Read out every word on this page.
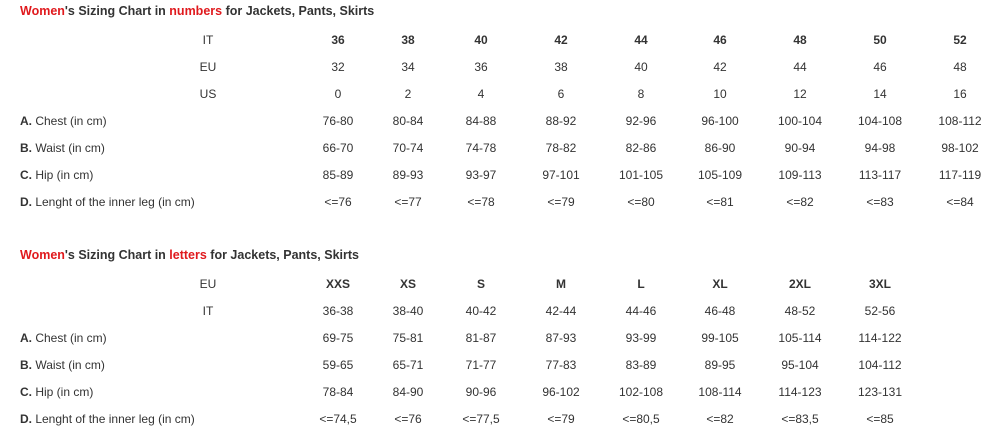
Women's Sizing Chart in numbers for Jackets, Pants, Skirts
IT	36	38	40	42	44	46	48	50	52
EU	32	34	36	38	40	42	44	46	48
US	0	2	4	6	8	10	12	14	16
A. Chest (in cm)	76-80	80-84	84-88	88-92	92-96	96-100	100-104	104-108	108-112
B. Waist (in cm)	66-70	70-74	74-78	78-82	82-86	86-90	90-94	94-98	98-102
C. Hip (in cm)	85-89	89-93	93-97	97-101	101-105	105-109	109-113	113-117	117-119
D. Lenght of the inner leg (in cm)	<=76	<=77	<=78	<=79	<=80	<=81	<=82	<=83	<=84
Women's Sizing Chart in letters for Jackets, Pants, Skirts
EU	XXS	XS	S	M	L	XL	2XL	3XL
IT	36-38	38-40	40-42	42-44	44-46	46-48	48-52	52-56
A. Chest (in cm)	69-75	75-81	81-87	87-93	93-99	99-105	105-114	114-122
B. Waist (in cm)	59-65	65-71	71-77	77-83	83-89	89-95	95-104	104-112
C. Hip (in cm)	78-84	84-90	90-96	96-102	102-108	108-114	114-123	123-131
D. Lenght of the inner leg (in cm)	<=74,5	<=76	<=77,5	<=79	<=80,5	<=82	<=83,5	<=85
